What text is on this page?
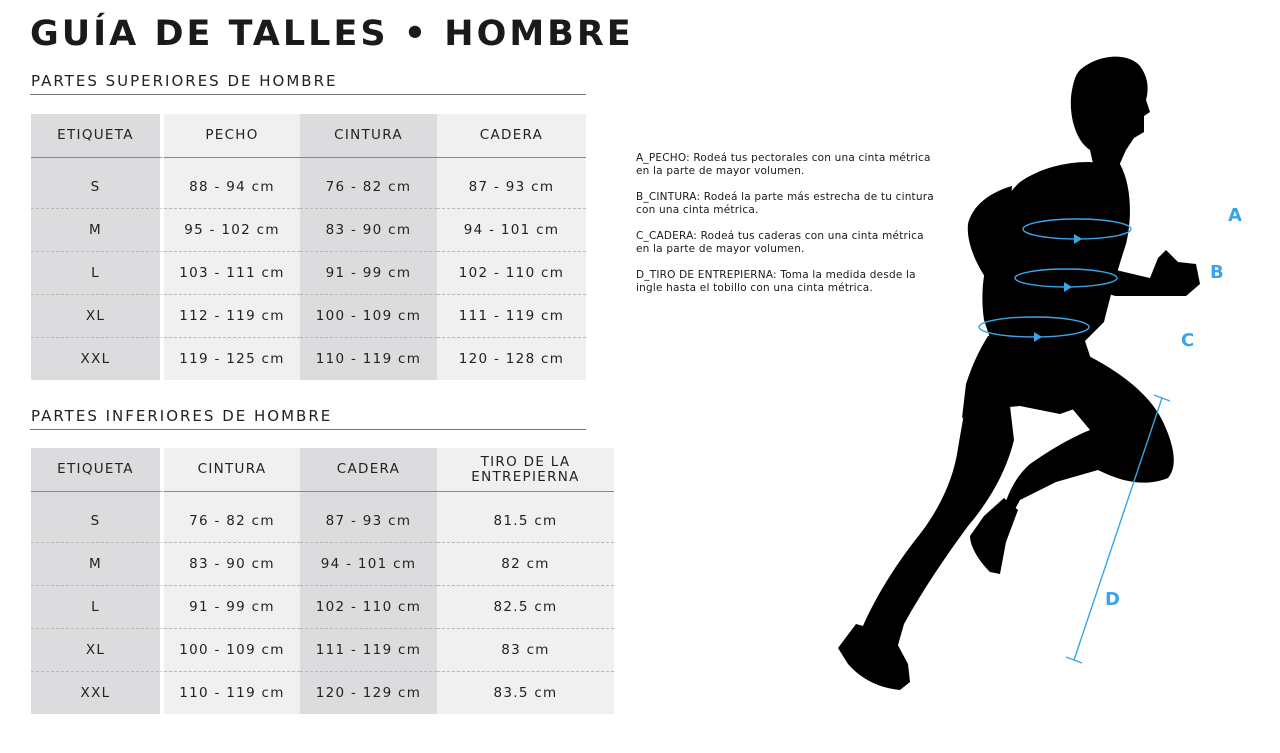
GUÍA DE TALLES • HOMBRE
PARTES SUPERIORES DE HOMBRE
ETIQUETA	PECHO	CINTURA	CADERA
S	88 - 94 cm	76 - 82 cm	87 - 93 cm
M	95 - 102 cm	83 - 90 cm	94 - 101 cm
L	103 - 111 cm	91 - 99 cm	102 - 110 cm
XL	112 - 119 cm	100 - 109 cm	111 - 119 cm
XXL	119 - 125 cm	110 - 119 cm	120 - 128 cm
PARTES INFERIORES DE HOMBRE
ETIQUETA	CINTURA	CADERA	TIRO DE LA ENTREPIERNA
S	76 - 82 cm	87 - 93 cm	81.5 cm
M	83 - 90 cm	94 - 101 cm	82 cm
L	91 - 99 cm	102 - 110 cm	82.5 cm
XL	100 - 109 cm	111 - 119 cm	83 cm
XXL	110 - 119 cm	120 - 129 cm	83.5 cm

A_PECHO: Rodeá tus pectorales con una cinta métrica en la parte de mayor volumen.

B_CINTURA: Rodeá la parte más estrecha de tu cintura con una cinta métrica.

C_CADERA: Rodeá tus caderas con una cinta métrica en la parte de mayor volumen.

D_TIRO DE ENTREPIERNA: Toma la medida desde la ingle hasta el tobillo con una cinta métrica.

A
B
C
D
